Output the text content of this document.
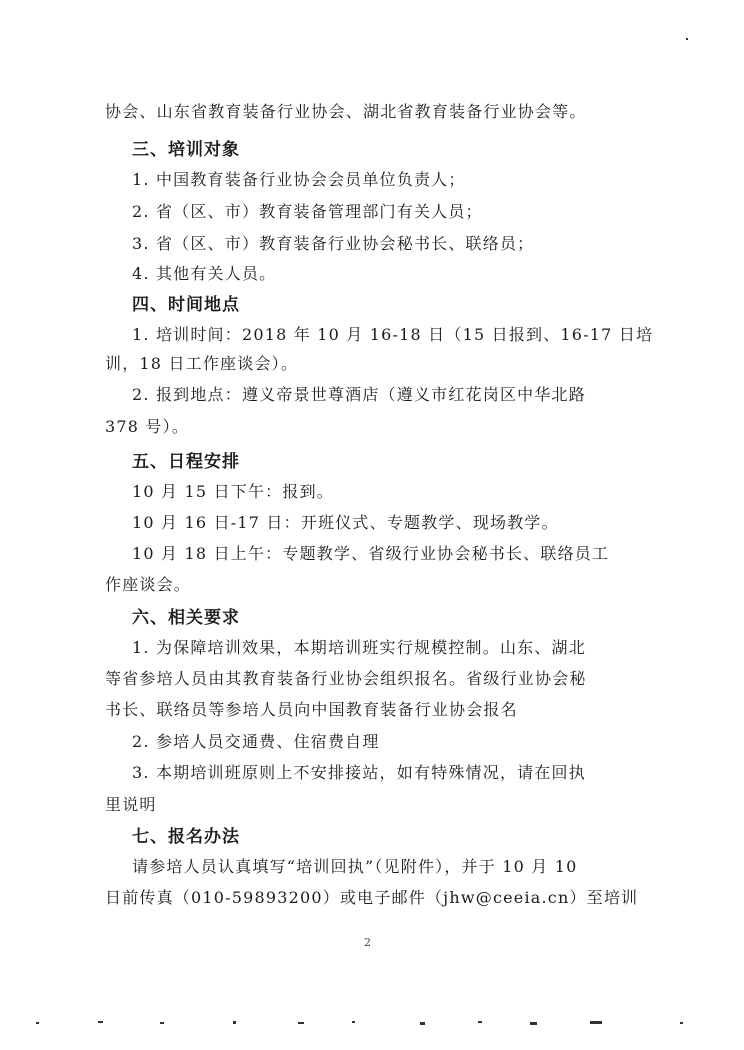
协会、山东省教育装备行业协会、湖北省教育装备行业协会等。
三、培训对象
1. 中国教育装备行业协会会员单位负责人；
2. 省（区、市）教育装备管理部门有关人员；
3. 省（区、市）教育装备行业协会秘书长、联络员；
4. 其他有关人员。
四、时间地点
1. 培训时间：2018 年 10 月 16-18 日（15 日报到、16-17 日培
训，18 日工作座谈会）。
2. 报到地点：遵义帝景世尊酒店（遵义市红花岗区中华北路
378 号）。
五、日程安排
10 月 15 日下午：报到。
10 月 16 日-17 日：开班仪式、专题教学、现场教学。
10 月 18 日上午：专题教学、省级行业协会秘书长、联络员工
作座谈会。
六、相关要求
1. 为保障培训效果，本期培训班实行规模控制。山东、湖北
等省参培人员由其教育装备行业协会组织报名。省级行业协会秘
书长、联络员等参培人员向中国教育装备行业协会报名
2. 参培人员交通费、住宿费自理
3. 本期培训班原则上不安排接站，如有特殊情况，请在回执
里说明
七、报名办法
请参培人员认真填写“培训回执”（见附件），并于 10 月 10
日前传真（010-59893200）或电子邮件（jhw@ceeia.cn）至培训
2
